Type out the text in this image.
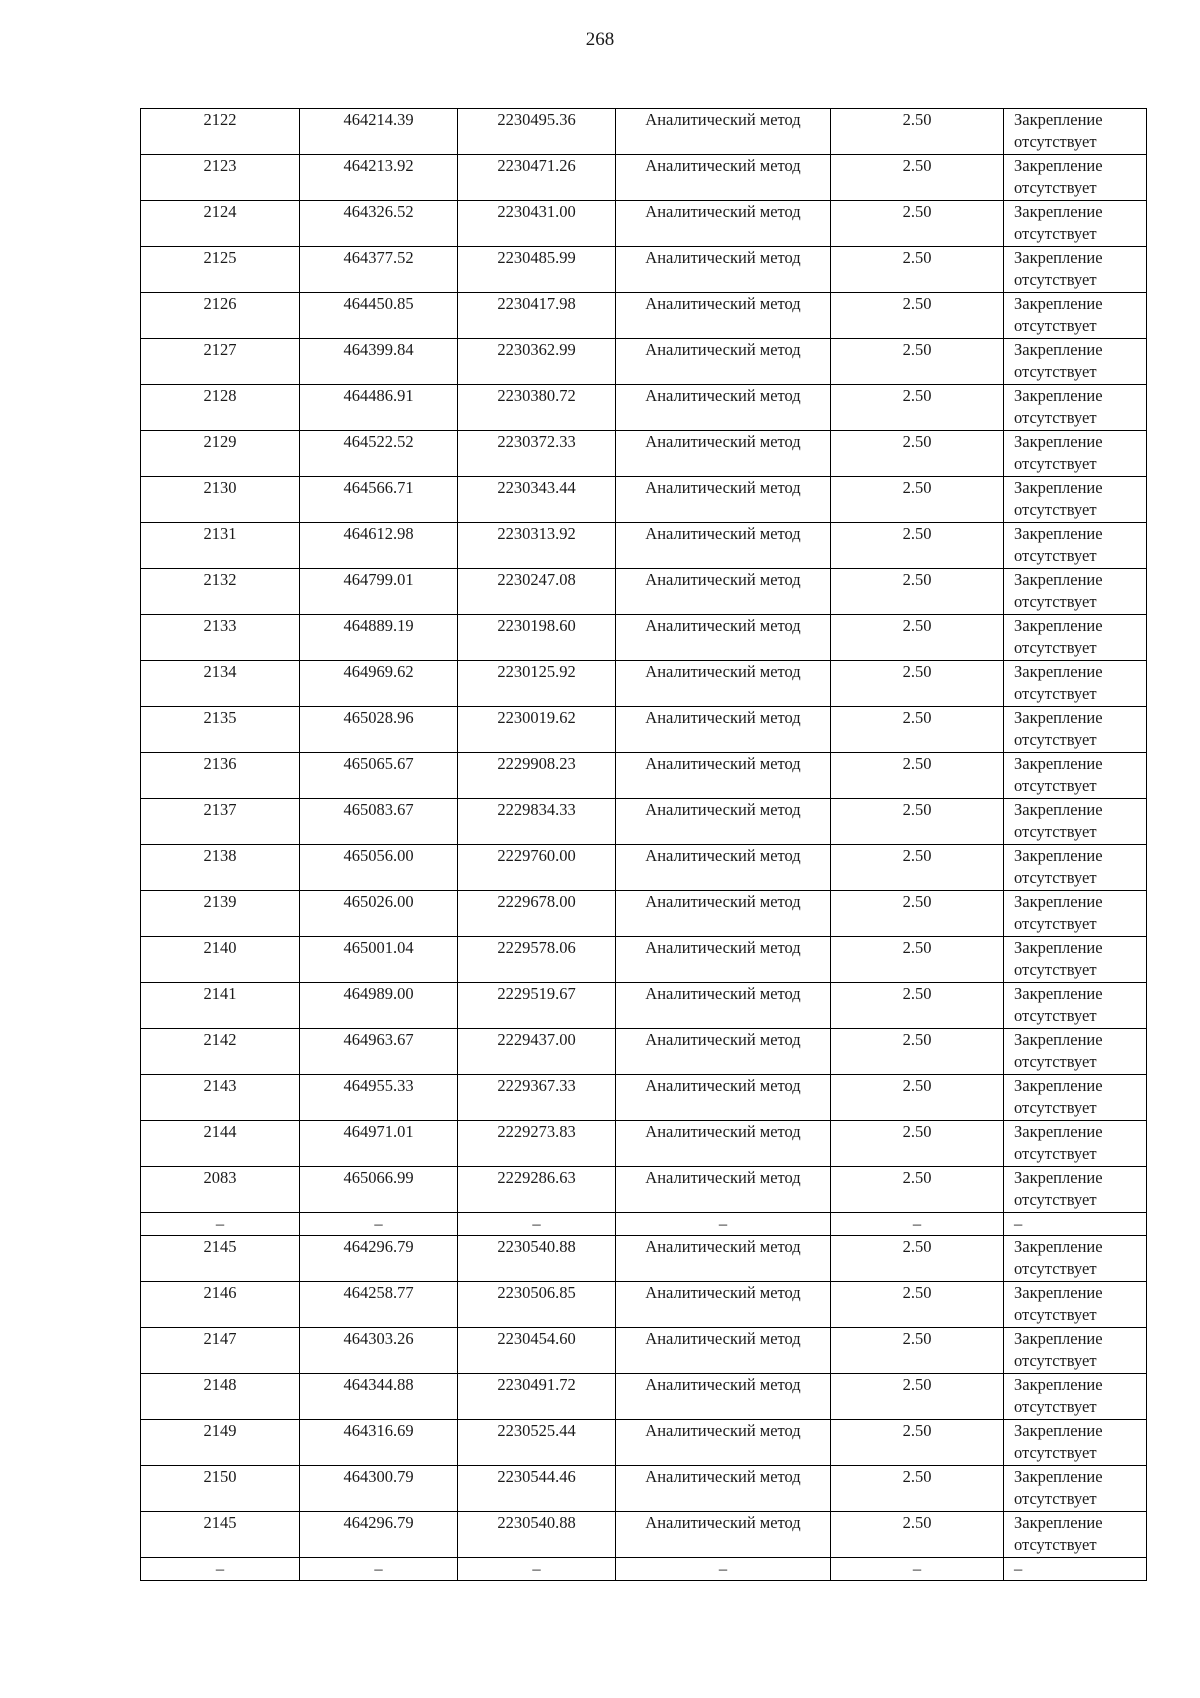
268
2122	464214.39	2230495.36	Аналитический метод	2.50	Закрепление отсутствует
2123	464213.92	2230471.26	Аналитический метод	2.50	Закрепление отсутствует
2124	464326.52	2230431.00	Аналитический метод	2.50	Закрепление отсутствует
2125	464377.52	2230485.99	Аналитический метод	2.50	Закрепление отсутствует
2126	464450.85	2230417.98	Аналитический метод	2.50	Закрепление отсутствует
2127	464399.84	2230362.99	Аналитический метод	2.50	Закрепление отсутствует
2128	464486.91	2230380.72	Аналитический метод	2.50	Закрепление отсутствует
2129	464522.52	2230372.33	Аналитический метод	2.50	Закрепление отсутствует
2130	464566.71	2230343.44	Аналитический метод	2.50	Закрепление отсутствует
2131	464612.98	2230313.92	Аналитический метод	2.50	Закрепление отсутствует
2132	464799.01	2230247.08	Аналитический метод	2.50	Закрепление отсутствует
2133	464889.19	2230198.60	Аналитический метод	2.50	Закрепление отсутствует
2134	464969.62	2230125.92	Аналитический метод	2.50	Закрепление отсутствует
2135	465028.96	2230019.62	Аналитический метод	2.50	Закрепление отсутствует
2136	465065.67	2229908.23	Аналитический метод	2.50	Закрепление отсутствует
2137	465083.67	2229834.33	Аналитический метод	2.50	Закрепление отсутствует
2138	465056.00	2229760.00	Аналитический метод	2.50	Закрепление отсутствует
2139	465026.00	2229678.00	Аналитический метод	2.50	Закрепление отсутствует
2140	465001.04	2229578.06	Аналитический метод	2.50	Закрепление отсутствует
2141	464989.00	2229519.67	Аналитический метод	2.50	Закрепление отсутствует
2142	464963.67	2229437.00	Аналитический метод	2.50	Закрепление отсутствует
2143	464955.33	2229367.33	Аналитический метод	2.50	Закрепление отсутствует
2144	464971.01	2229273.83	Аналитический метод	2.50	Закрепление отсутствует
2083	465066.99	2229286.63	Аналитический метод	2.50	Закрепление отсутствует
–	–	–	–	–	–
2145	464296.79	2230540.88	Аналитический метод	2.50	Закрепление отсутствует
2146	464258.77	2230506.85	Аналитический метод	2.50	Закрепление отсутствует
2147	464303.26	2230454.60	Аналитический метод	2.50	Закрепление отсутствует
2148	464344.88	2230491.72	Аналитический метод	2.50	Закрепление отсутствует
2149	464316.69	2230525.44	Аналитический метод	2.50	Закрепление отсутствует
2150	464300.79	2230544.46	Аналитический метод	2.50	Закрепление отсутствует
2145	464296.79	2230540.88	Аналитический метод	2.50	Закрепление отсутствует
–	–	–	–	–	–
